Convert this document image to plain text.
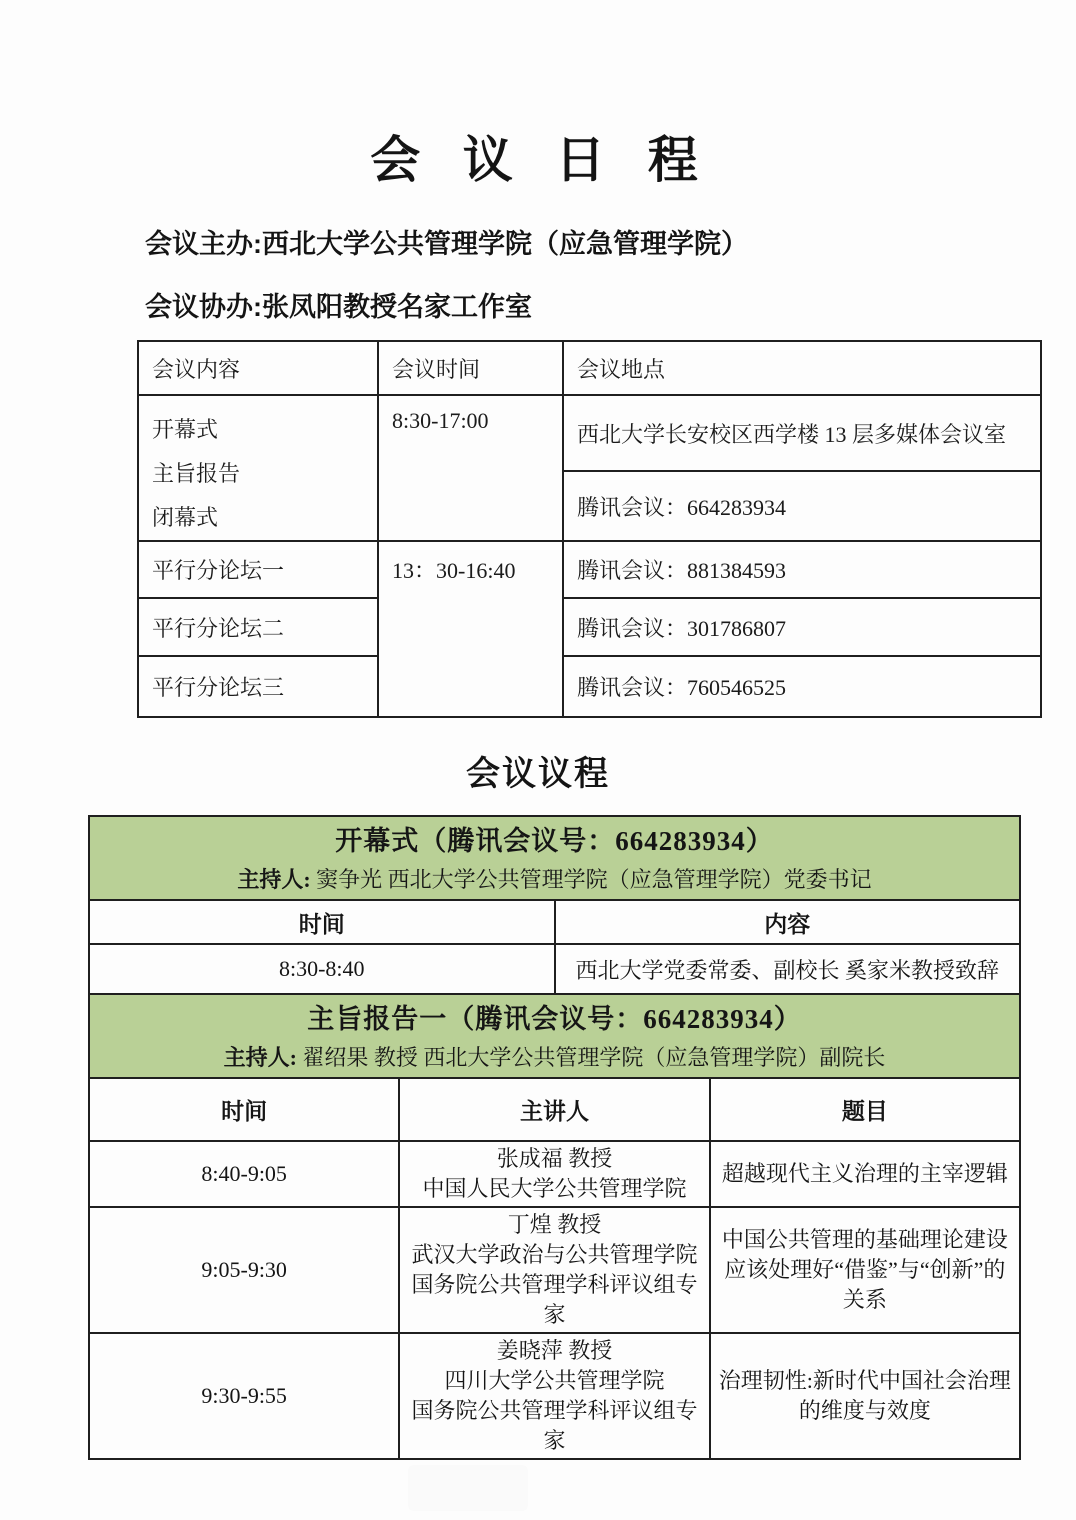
会 议 日 程
会议主办:西北大学公共管理学院（应急管理学院）
会议协办:张凤阳教授名家工作室
会议内容	会议时间	会议地点

开幕式
主旨报告
闭幕式	8:30-17:00	西北大学长安校区西学楼 13 层多媒体会议室
		腾讯会议：664283934
平行分论坛一	13：30-16:40	腾讯会议：881384593
平行分论坛二		腾讯会议：301786807
平行分论坛三		腾讯会议：760546525
会议议程
开幕式（腾讯会议号：664283934）
主持人: 窦争光 西北大学公共管理学院（应急管理学院）党委书记	

时间	内容
8:30-8:40	西北大学党委常委、副校长 奚家米教授致辞
主旨报告一（腾讯会议号：664283934）
主持人: 翟绍果 教授 西北大学公共管理学院（应急管理学院）副院长		

时间	主讲人	题目
8:40-9:05	张成福 教授
中国人民大学公共管理学院	超越现代主义治理的主宰逻辑
9:05-9:30	丁煌 教授
武汉大学政治与公共管理学院
国务院公共管理学科评议组专家	中国公共管理的基础理论建设应该处理好“借鉴”与“创新”的关系
9:30-9:55	姜晓萍 教授
四川大学公共管理学院
国务院公共管理学科评议组专家	治理韧性:新时代中国社会治理的维度与效度
